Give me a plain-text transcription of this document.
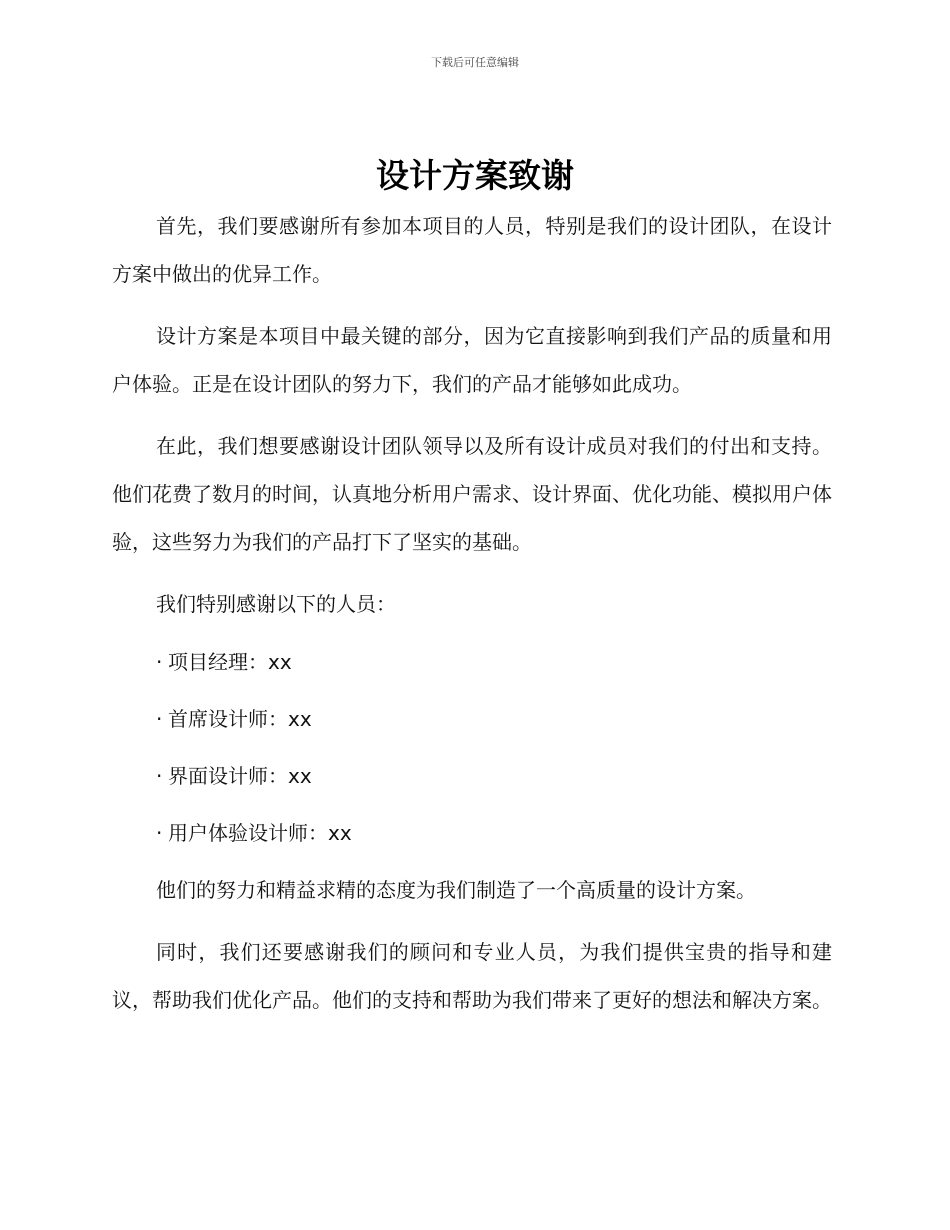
下载后可任意编辑
设计方案致谢

首先，我们要感谢所有参加本项目的人员，特别是我们的设计团队，在设计方案中做出的优异工作。

设计方案是本项目中最关键的部分，因为它直接影响到我们产品的质量和用户体验。正是在设计团队的努力下，我们的产品才能够如此成功。

在此，我们想要感谢设计团队领导以及所有设计成员对我们的付出和支持。他们花费了数月的时间，认真地分析用户需求、设计界面、优化功能、模拟用户体验，这些努力为我们的产品打下了坚实的基础。

我们特别感谢以下的人员：

· 项目经理：xx
· 首席设计师：xx
· 界面设计师：xx
· 用户体验设计师：xx

他们的努力和精益求精的态度为我们制造了一个高质量的设计方案。

同时，我们还要感谢我们的顾问和专业人员，为我们提供宝贵的指导和建议，帮助我们优化产品。他们的支持和帮助为我们带来了更好的想法和解决方案。
